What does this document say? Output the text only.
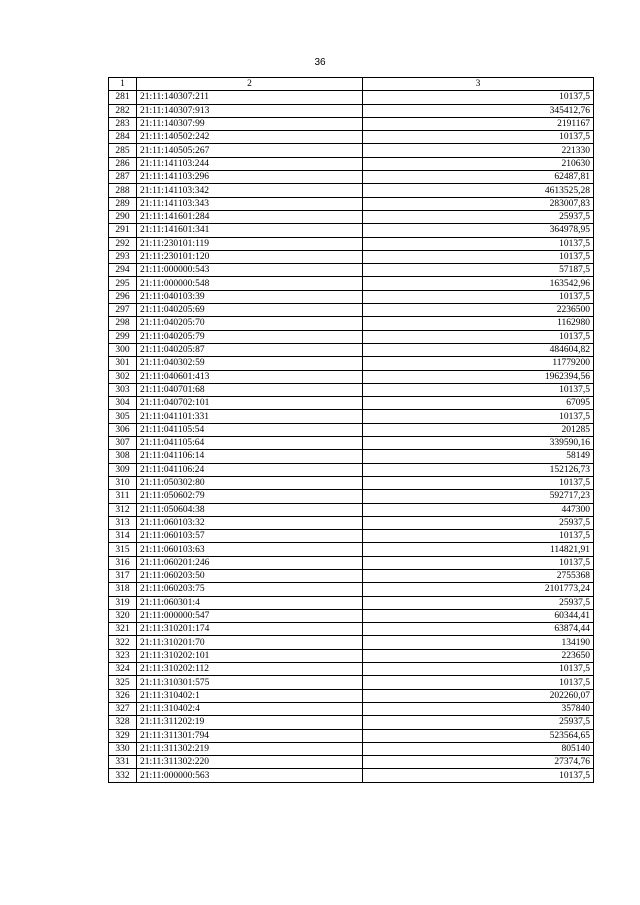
36
1	2	3
281	21:11:140307:211	10137,5
282	21:11:140307:913	345412,76
283	21:11:140307:99	2191167
284	21:11:140502:242	10137,5
285	21:11:140505:267	221330
286	21:11:141103:244	210630
287	21:11:141103:296	62487,81
288	21:11:141103:342	4613525,28
289	21:11:141103:343	283007,83
290	21:11:141601:284	25937,5
291	21:11:141601:341	364978,95
292	21:11:230101:119	10137,5
293	21:11:230101:120	10137,5
294	21:11:000000:543	57187,5
295	21:11:000000:548	163542,96
296	21:11:040103:39	10137,5
297	21:11:040205:69	2236500
298	21:11:040205:70	1162980
299	21:11:040205:79	10137,5
300	21:11:040205:87	484604,82
301	21:11:040302:59	11779200
302	21:11:040601:413	1962394,56
303	21:11:040701:68	10137,5
304	21:11:040702:101	67095
305	21:11:041101:331	10137,5
306	21:11:041105:54	201285
307	21:11:041105:64	339590,16
308	21:11:041106:14	58149
309	21:11:041106:24	152126,73
310	21:11:050302:80	10137,5
311	21:11:050602:79	592717,23
312	21:11:050604:38	447300
313	21:11:060103:32	25937,5
314	21:11:060103:57	10137,5
315	21:11:060103:63	114821,91
316	21:11:060201:246	10137,5
317	21:11:060203:50	2755368
318	21:11:060203:75	2101773,24
319	21:11:060301:4	25937,5
320	21:11:000000:547	60344,41
321	21:11:310201:174	63874,44
322	21:11:310201:70	134190
323	21:11:310202:101	223650
324	21:11:310202:112	10137,5
325	21:11:310301:575	10137,5
326	21:11:310402:1	202260,07
327	21:11:310402:4	357840
328	21:11:311202:19	25937,5
329	21:11:311301:794	523564,65
330	21:11:311302:219	805140
331	21:11:311302:220	27374,76
332	21:11:000000:563	10137,5
